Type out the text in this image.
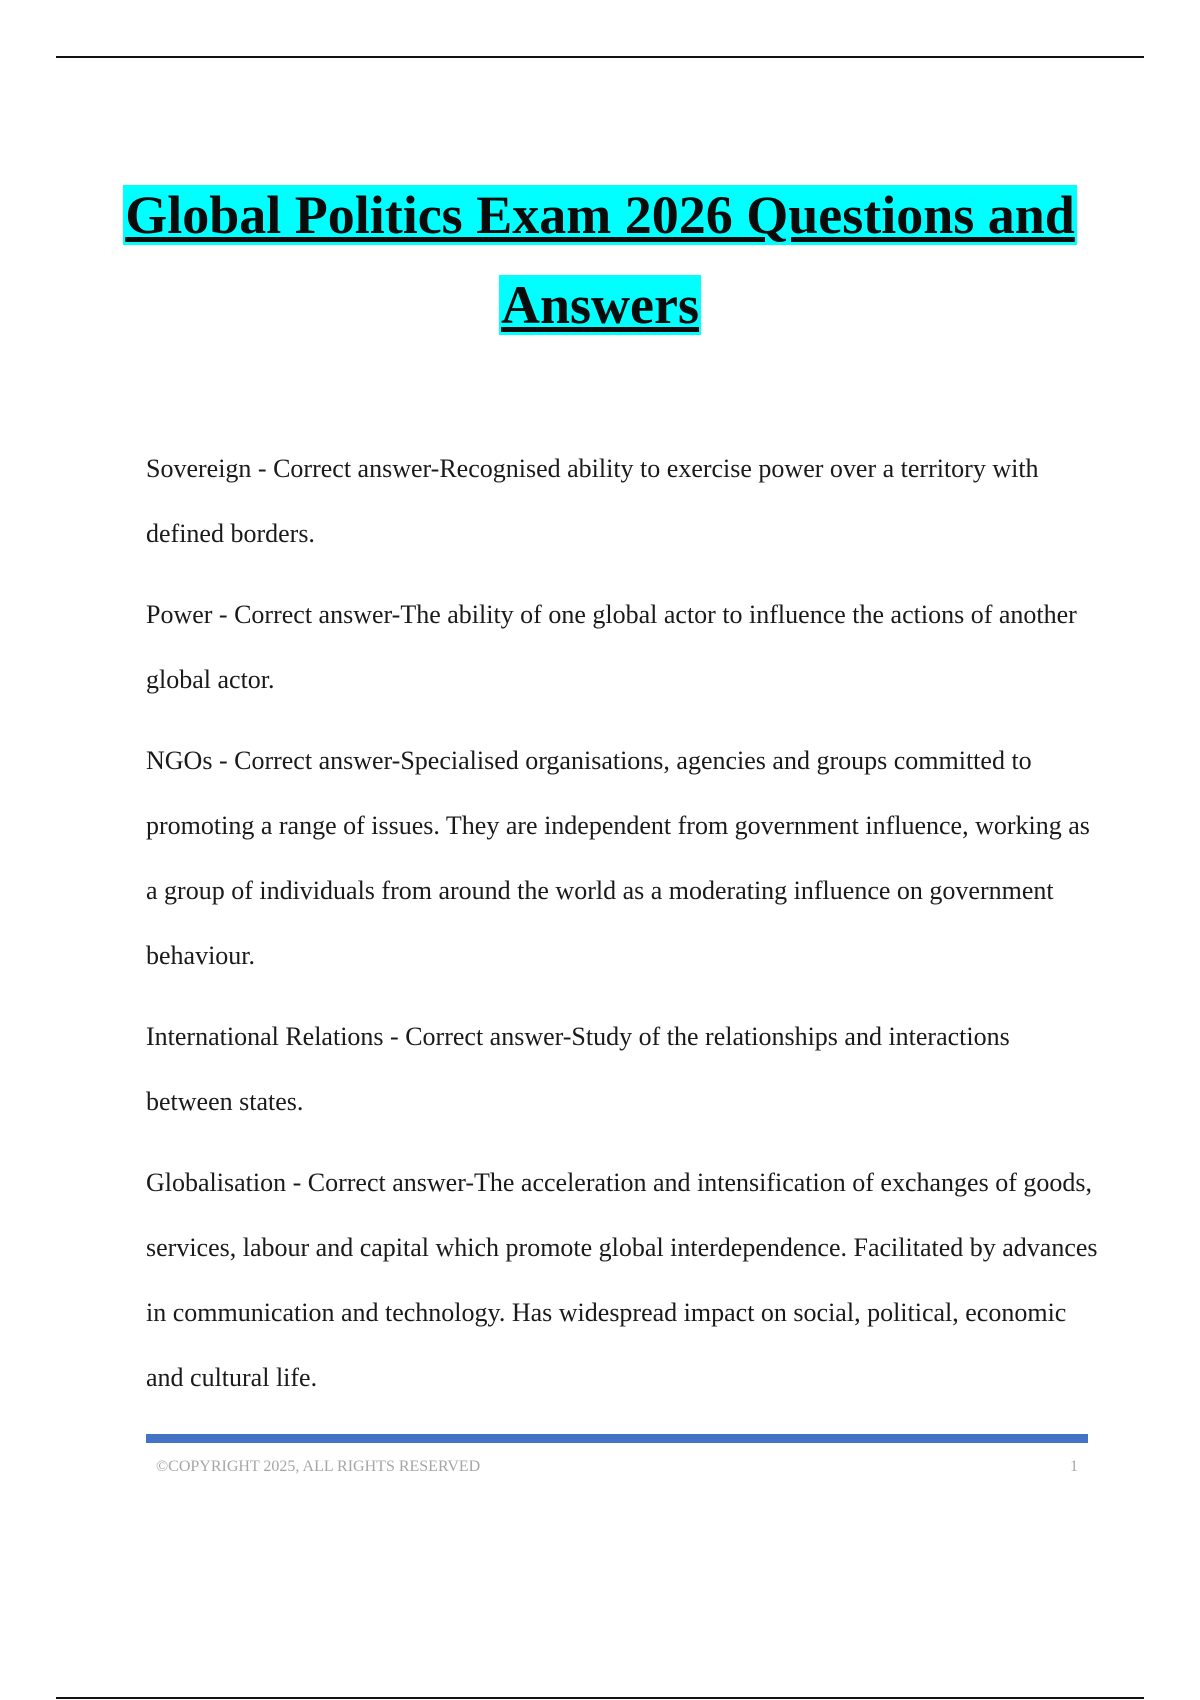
Global Politics Exam 2026 Questions and
Answers

Sovereign - Correct answer-Recognised ability to exercise power over a territory with defined borders.

Power - Correct answer-The ability of one global actor to influence the actions of another global actor.

NGOs - Correct answer-Specialised organisations, agencies and groups committed to promoting a range of issues. They are independent from government influence, working as a group of individuals from around the world as a moderating influence on government behaviour.

International Relations - Correct answer-Study of the relationships and interactions between states.

Globalisation - Correct answer-The acceleration and intensification of exchanges of goods, services, labour and capital which promote global interdependence. Facilitated by advances in communication and technology. Has widespread impact on social, political, economic and cultural life.

©COPYRIGHT 2025, ALL RIGHTS RESERVED	1
